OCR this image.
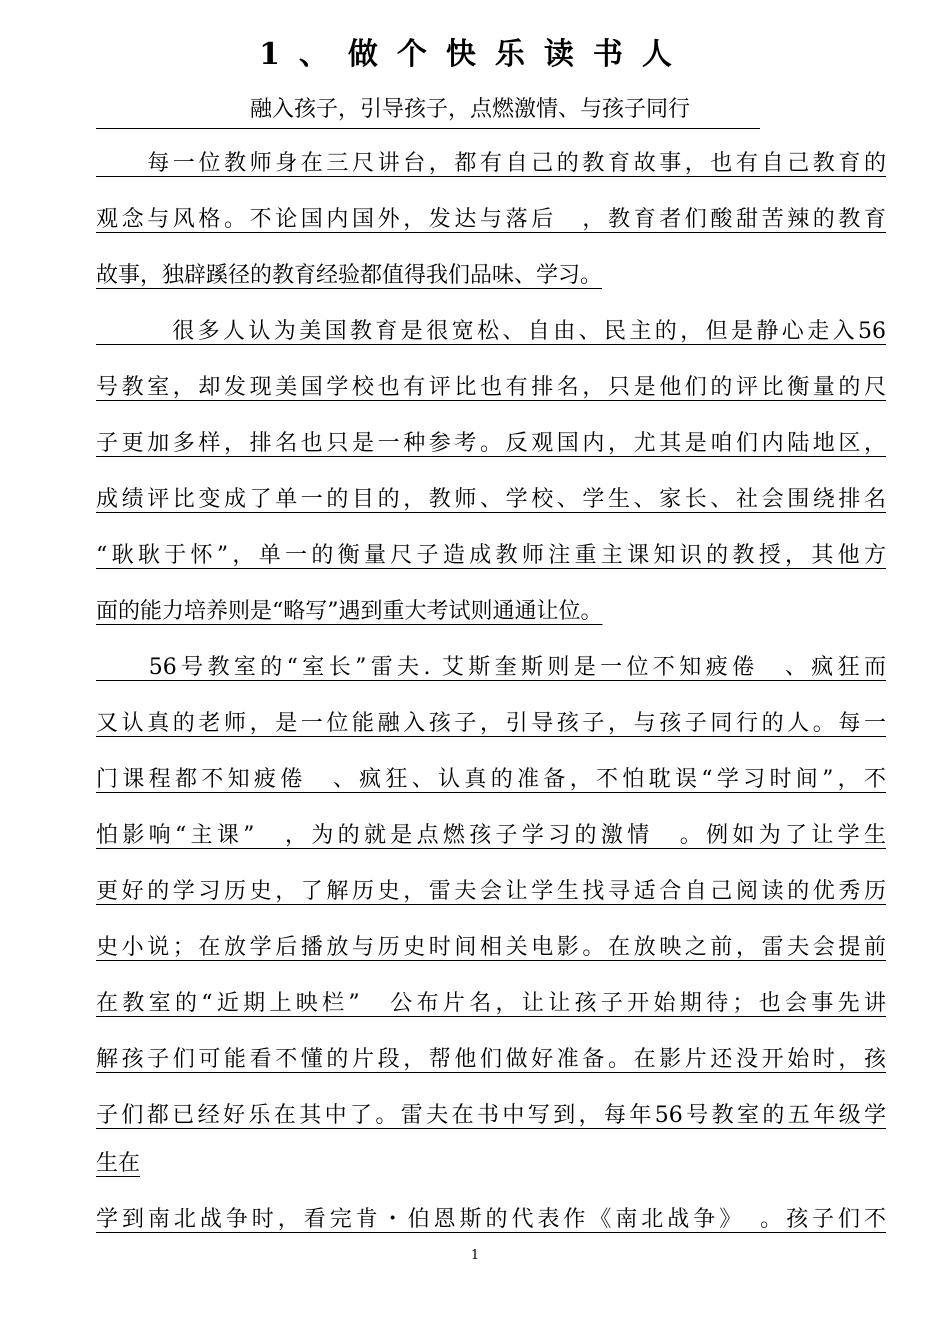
1、做个快乐读书人
融入孩子，引导孩子，点燃激情、与孩子同行
　　每一位教师身在三尺讲台，都有自己的教育故事，也有自己教育的
观念与风格。不论国内国外，发达与落后　，教育者们酸甜苦辣的教育
故事，独辟蹊径的教育经验都值得我们品味、学习。
　　　很多人认为美国教育是很宽松、自由、民主的，但是静心走入56
号教室，却发现美国学校也有评比也有排名，只是他们的评比衡量的尺
子更加多样，排名也只是一种参考。反观国内，尤其是咱们内陆地区，
成绩评比变成了单一的目的，教师、学校、学生、家长、社会围绕排名
“耿耿于怀”，单一的衡量尺子造成教师注重主课知识的教授，其他方
面的能力培养则是“略写”遇到重大考试则通通让位。
　　56号教室的“室长”雷夫. 艾斯奎斯则是一位不知疲倦　、疯狂而
又认真的老师，是一位能融入孩子，引导孩子，与孩子同行的人。每一
门课程都不知疲倦　、疯狂、认真的准备，不怕耽误“学习时间”，不
怕影响“主课”　，为的就是点燃孩子学习的激情　。例如为了让学生
更好的学习历史，了解历史，雷夫会让学生找寻适合自己阅读的优秀历
史小说；在放学后播放与历史时间相关电影。在放映之前，雷夫会提前
在教室的“近期上映栏”　公布片名，让让孩子开始期待；也会事先讲
解孩子们可能看不懂的片段，帮他们做好准备。在影片还没开始时，孩
子们都已经好乐在其中了。雷夫在书中写到，每年56号教室的五年级学
生在
学到南北战争时，看完肯・伯恩斯的代表作《南北战争》　。孩子们不
1
